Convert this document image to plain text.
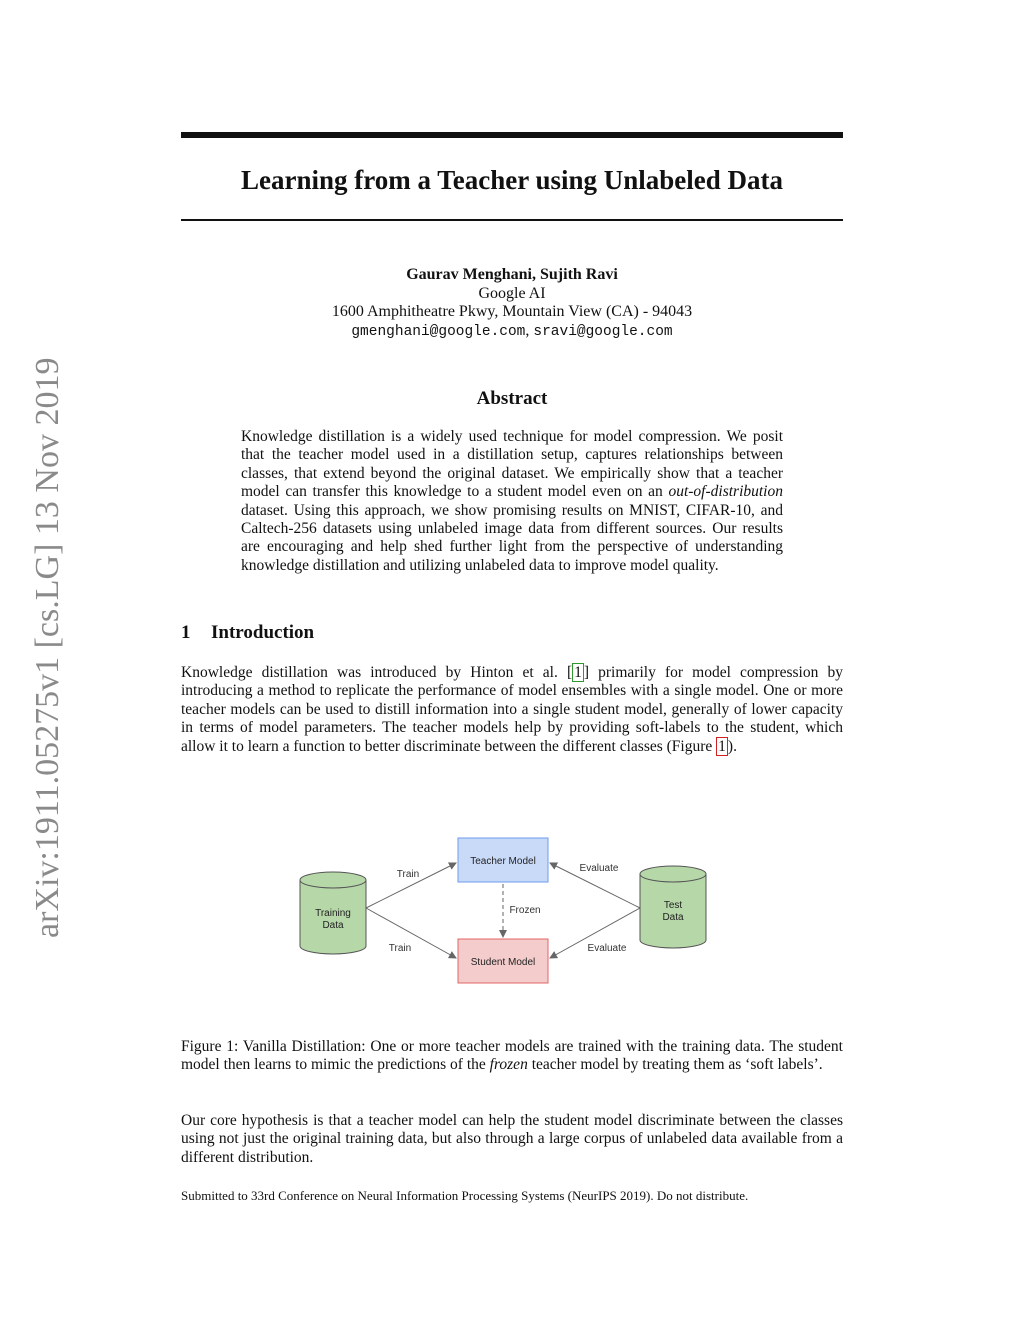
arXiv:1911.05275v1 [cs.LG] 13 Nov 2019
Learning from a Teacher using Unlabeled Data
Gaurav Menghani, Sujith Ravi
Google AI
1600 Amphitheatre Pkwy, Mountain View (CA) - 94043
gmenghani@google.com, sravi@google.com
Abstract
Knowledge distillation is a widely used technique for model compression. We posit that the teacher model used in a distillation setup, captures relationships between classes, that extend beyond the original dataset. We empirically show that a teacher model can transfer this knowledge to a student model even on an out-of-distribution dataset. Using this approach, we show promising results on MNIST, CIFAR-10, and Caltech-256 datasets using unlabeled image data from different sources. Our results are encouraging and help shed further light from the perspective of understanding knowledge distillation and utilizing unlabeled data to improve model quality.
1 Introduction
Knowledge distillation was introduced by Hinton et al. [ 1 ] primarily for model compression by introducing a method to replicate the performance of model ensembles with a single model. One or more teacher models can be used to distill information into a single student model, generally of lower capacity in terms of model parameters. The teacher models help by providing soft-labels to the student, which allow it to learn a function to better discriminate between the different classes (Figure 1 ).
Training
Data
Test
Data
Teacher Model
Student Model
Train
Train
Evaluate
Evaluate
Frozen
Figure 1: Vanilla Distillation: One or more teacher models are trained with the training data. The student model then learns to mimic the predictions of the frozen teacher model by treating them as ‘soft labels’.
Our core hypothesis is that a teacher model can help the student model discriminate between the classes using not just the original training data, but also through a large corpus of unlabeled data available from a different distribution.
Submitted to 33rd Conference on Neural Information Processing Systems (NeurIPS 2019). Do not distribute.
